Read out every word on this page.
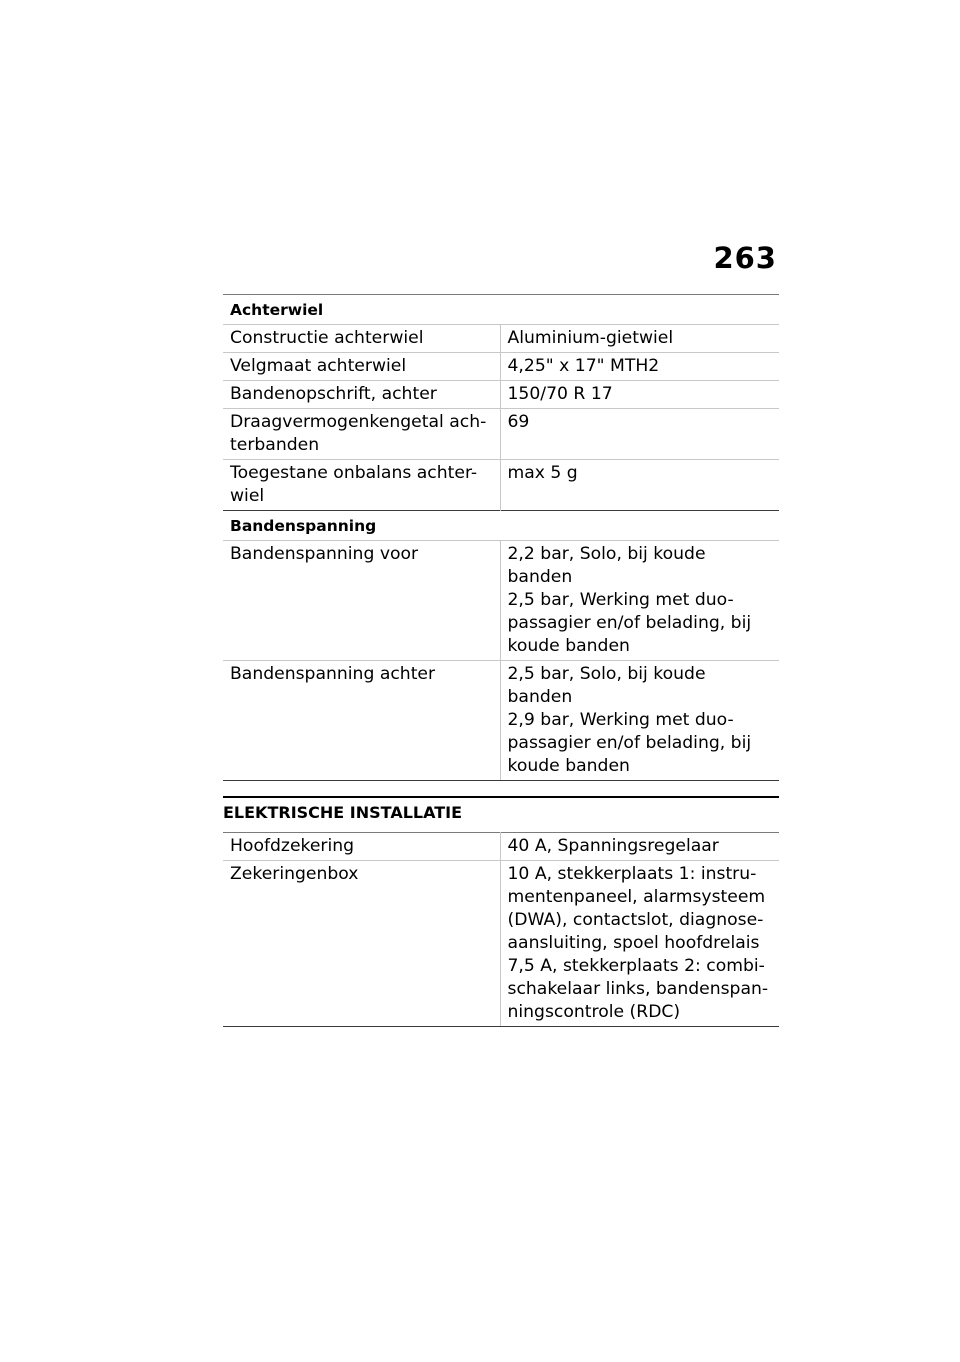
263
Achterwiel	
Constructie achterwiel	Aluminium-gietwiel

Velgmaat achterwiel	4,25" x 17" MTH2

Bandenopschrift, achter	150/70 R 17

Draagvermogenkengetal ach-terbanden	69

Toegestane onbalans achter-wiel	max 5 g

Bandenspanning	
Bandenspanning voor	2,2 bar, Solo, bij koude banden
2,5 bar, Werking met duo-passagier en/of belading, bij koude banden

Bandenspanning achter	2,5 bar, Solo, bij koude banden
2,9 bar, Werking met duo-passagier en/of belading, bij koude banden
ELEKTRISCHE INSTALLATIE
Hoofdzekering	40 A, Spanningsregelaar

Zekeringenbox	10 A, stekkerplaats 1: instru-mentenpaneel, alarmsysteem (DWA), contactslot, diagnose-aansluiting, spoel hoofdrelais
7,5 A, stekkerplaats 2: combi-schakelaar links, bandenspan-ningscontrole (RDC)
